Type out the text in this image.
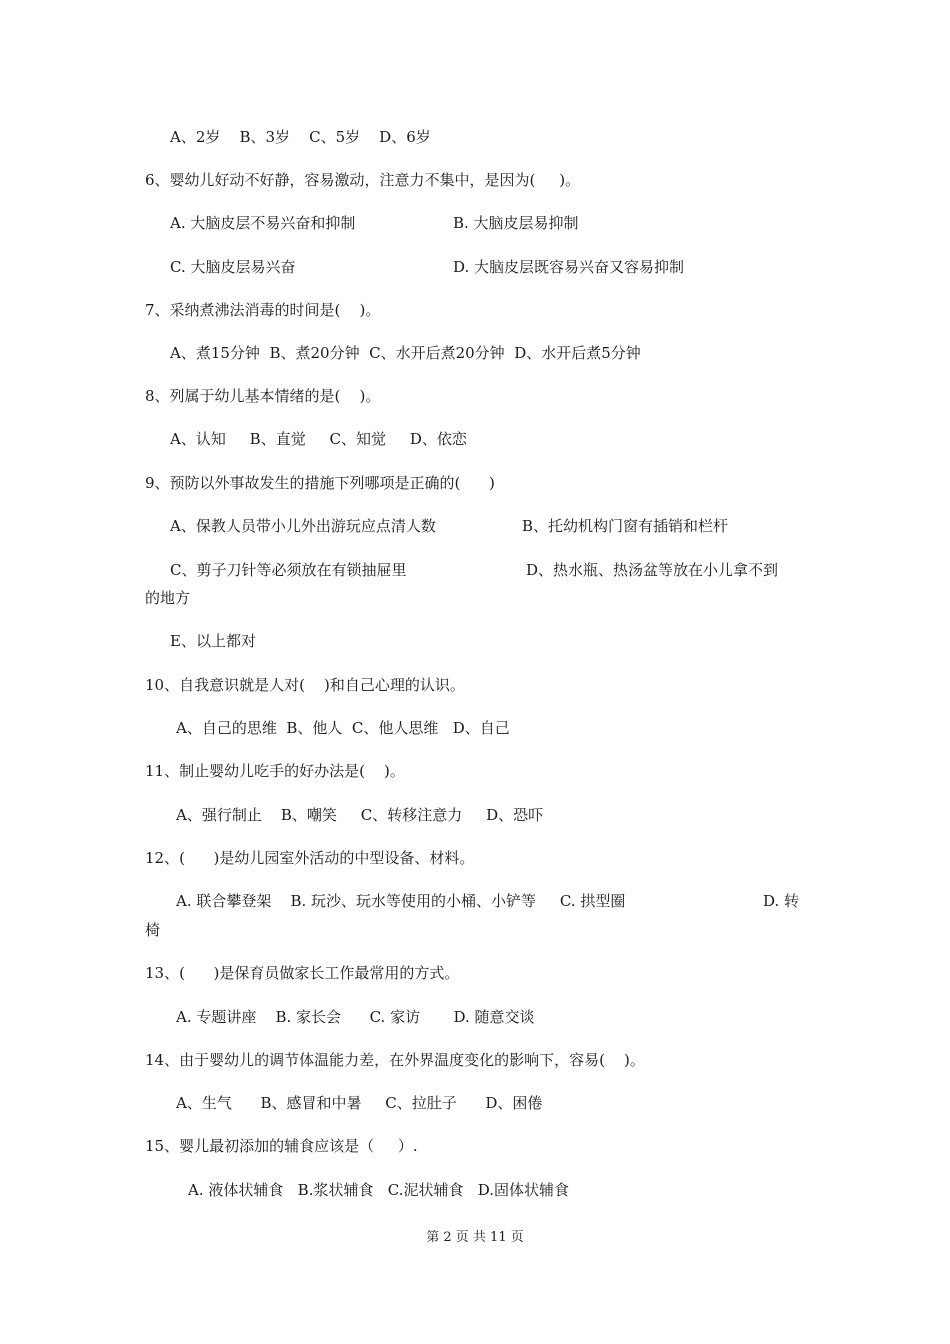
A、2岁    B、3岁    C、5岁    D、6岁
6、婴幼儿好动不好静，容易激动，注意力不集中，是因为(     )。
A. 大脑皮层不易兴奋和抑制	B. 大脑皮层易抑制
C. 大脑皮层易兴奋	D. 大脑皮层既容易兴奋又容易抑制
7、采纳煮沸法消毒的时间是(    )。
A、煮15分钟  B、煮20分钟  C、水开后煮20分钟  D、水开后煮5分钟
8、列属于幼儿基本情绪的是(    )。
A、认知     B、直觉     C、知觉     D、依恋
9、预防以外事故发生的措施下列哪项是正确的(      )
A、保教人员带小儿外出游玩应点清人数	B、托幼机构门窗有插销和栏杆
C、剪子刀针等必须放在有锁抽屉里	D、热水瓶、热汤盆等放在小儿拿不到
的地方
E、以上都对
10、自我意识就是人对(    )和自己心理的认识。
A、自己的思维  B、他人  C、他人思维   D、自己
11、制止婴幼儿吃手的好办法是(    )。
A、强行制止    B、嘲笑     C、转移注意力     D、恐吓
12、(      )是幼儿园室外活动的中型设备、材料。
A. 联合攀登架    B. 玩沙、玩水等使用的小桶、小铲等     C. 拱型圈	D. 转
椅
13、(      )是保育员做家长工作最常用的方式。
A. 专题讲座    B. 家长会      C. 家访       D. 随意交谈
14、由于婴幼儿的调节体温能力差，在外界温度变化的影响下，容易(    )。
A、生气      B、感冒和中暑     C、拉肚子      D、困倦
15、婴儿最初添加的辅食应该是（     ）.
A. 液体状辅食   B.浆状辅食   C.泥状辅食   D.固体状辅食
第 2 页 共 11 页
